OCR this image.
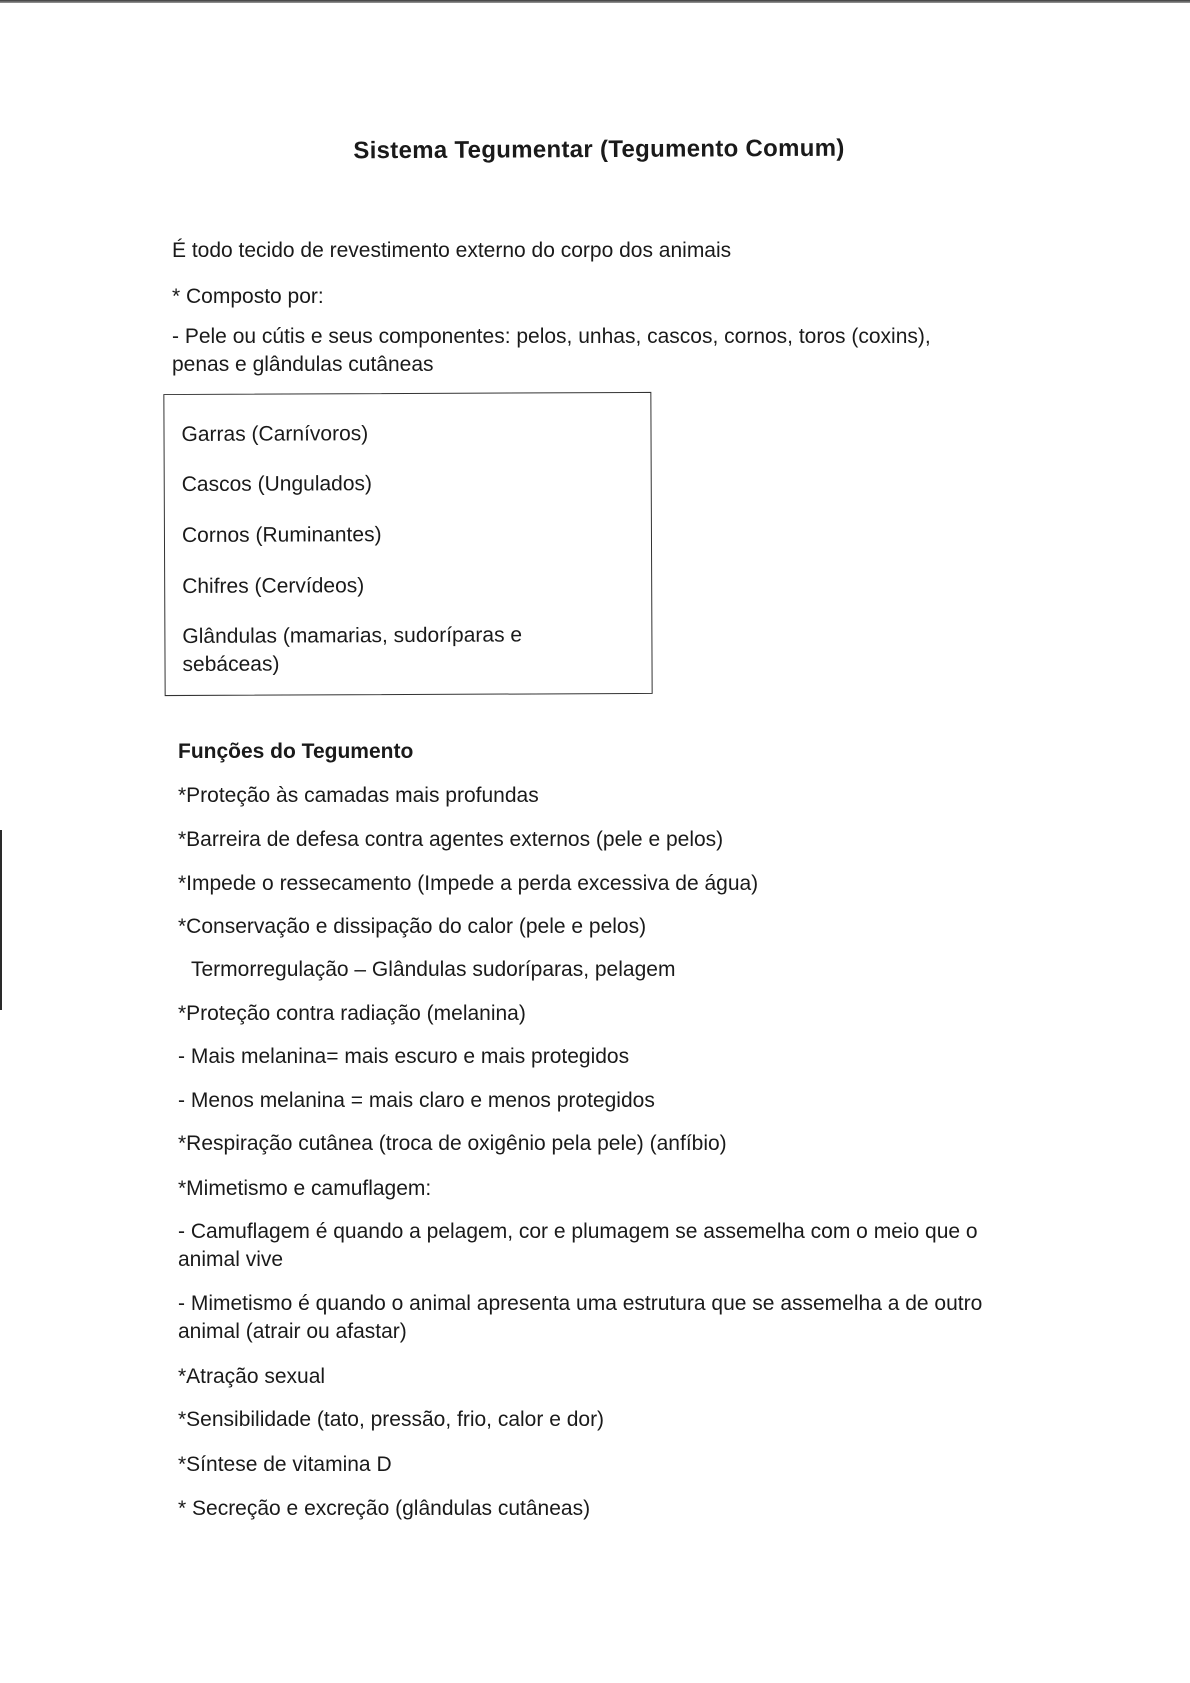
Sistema Tegumentar (Tegumento Comum)
É todo tecido de revestimento externo do corpo dos animais
* Composto por:
- Pele ou cútis e seus componentes: pelos, unhas, cascos, cornos, toros (coxins), penas e glândulas cutâneas
Garras (Carnívoros)
Cascos (Ungulados)
Cornos (Ruminantes)
Chifres (Cervídeos)
Glândulas (mamarias, sudoríparas e sebáceas)
Funções do Tegumento
*Proteção às camadas mais profundas
*Barreira de defesa contra agentes externos (pele e pelos)
*Impede o ressecamento (Impede a perda excessiva de água)
*Conservação e dissipação do calor (pele e pelos)
Termorregulação – Glândulas sudoríparas, pelagem
*Proteção contra radiação (melanina)
- Mais melanina= mais escuro e mais protegidos
- Menos melanina = mais claro e menos protegidos
*Respiração cutânea (troca de oxigênio pela pele) (anfíbio)
*Mimetismo e camuflagem:
- Camuflagem é quando a pelagem, cor e plumagem se assemelha com o meio que o animal vive
- Mimetismo é quando o animal apresenta uma estrutura que se assemelha a de outro animal (atrair ou afastar)
*Atração sexual
*Sensibilidade (tato, pressão, frio, calor e dor)
*Síntese de vitamina D
* Secreção e excreção (glândulas cutâneas)
